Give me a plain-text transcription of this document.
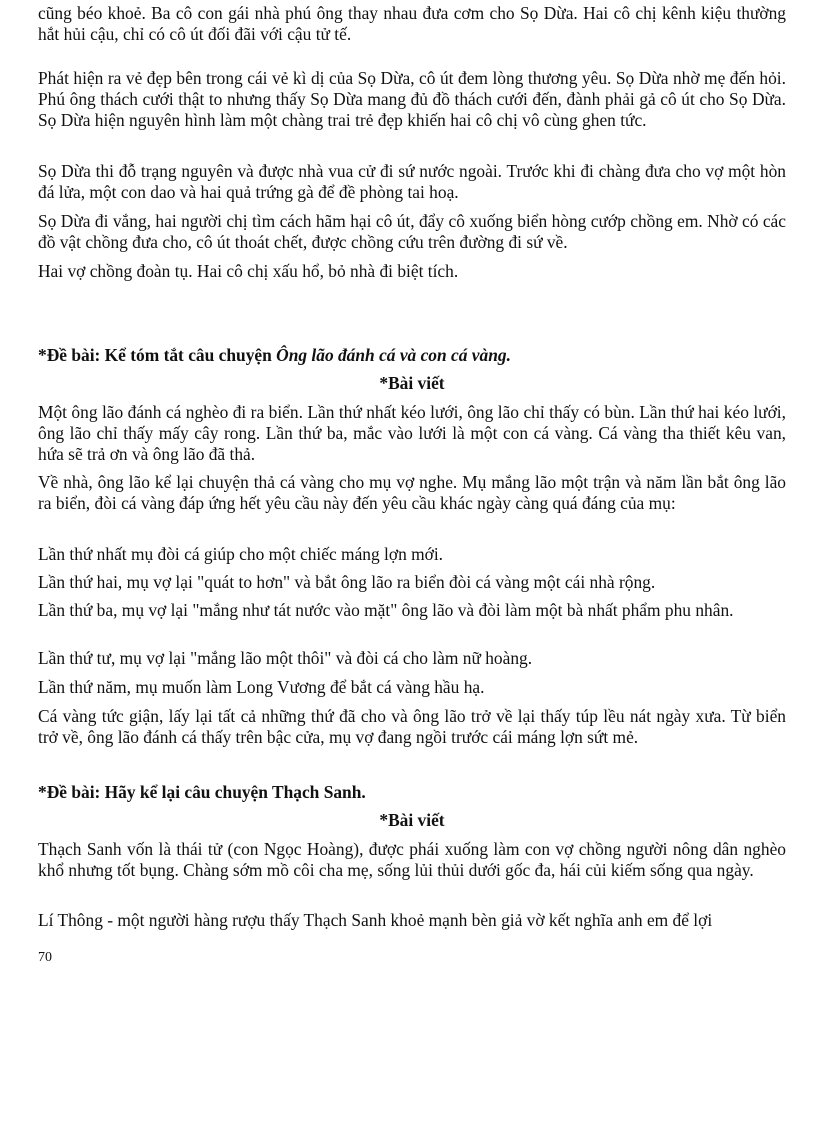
cũng béo khoẻ. Ba cô con gái nhà phú ông thay nhau đưa cơm cho Sọ Dừa. Hai cô chị kênh kiệu thường hắt hủi cậu, chỉ có cô út đối đãi với cậu tử tế.

Phát hiện ra vẻ đẹp bên trong cái vẻ kì dị của Sọ Dừa, cô út đem lòng thương yêu. Sọ Dừa nhờ mẹ đến hỏi. Phú ông thách cưới thật to nhưng thấy Sọ Dừa mang đủ đồ thách cưới đến, đành phải gả cô út cho Sọ Dừa. Sọ Dừa hiện nguyên hình làm một chàng trai trẻ đẹp khiến hai cô chị vô cùng ghen tức.

Sọ Dừa thi đỗ trạng nguyên và được nhà vua cử đi sứ nước ngoài. Trước khi đi chàng đưa cho vợ một hòn đá lửa, một con dao và hai quả trứng gà để đề phòng tai hoạ.

Sọ Dừa đi vắng, hai người chị tìm cách hãm hại cô út, đẩy cô xuống biển hòng cướp chồng em. Nhờ có các đồ vật chồng đưa cho, cô út thoát chết, được chồng cứu trên đường đi sứ về.

Hai vợ chồng đoàn tụ. Hai cô chị xấu hổ, bỏ nhà đi biệt tích.

*Đề bài: Kể tóm tắt câu chuyện Ông lão đánh cá và con cá vàng.

*Bài viết

Một ông lão đánh cá nghèo đi ra biển. Lần thứ nhất kéo lưới, ông lão chỉ thấy có bùn. Lần thứ hai kéo lưới, ông lão chỉ thấy mấy cây rong. Lần thứ ba, mắc vào lưới là một con cá vàng. Cá vàng tha thiết kêu van, hứa sẽ trả ơn và ông lão đã thả.

Về nhà, ông lão kể lại chuyện thả cá vàng cho mụ vợ nghe. Mụ mắng lão một trận và năm lần bắt ông lão ra biển, đòi cá vàng đáp ứng hết yêu cầu này đến yêu cầu khác ngày càng quá đáng của mụ:

Lần thứ nhất mụ đòi cá giúp cho một chiếc máng lợn mới.

Lần thứ hai, mụ vợ lại "quát to hơn" và bắt ông lão ra biển đòi cá vàng một cái nhà rộng.

Lần thứ ba, mụ vợ lại "mắng như tát nước vào mặt" ông lão và đòi làm một bà nhất phẩm phu nhân.

Lần thứ tư, mụ vợ lại "mắng lão một thôi" và đòi cá cho làm nữ hoàng.

Lần thứ năm, mụ muốn làm Long Vương để bắt cá vàng hầu hạ.

Cá vàng tức giận, lấy lại tất cả những thứ đã cho và ông lão trở về lại thấy túp lều nát ngày xưa. Từ biển trở về, ông lão đánh cá thấy trên bậc cửa, mụ vợ đang ngồi trước cái máng lợn sứt mẻ.

*Đề bài: Hãy kể lại câu chuyện Thạch Sanh.

*Bài viết

Thạch Sanh vốn là thái tử (con Ngọc Hoàng), được phái xuống làm con vợ chồng người nông dân nghèo khổ nhưng tốt bụng. Chàng sớm mồ côi cha mẹ, sống lủi thủi dưới gốc đa, hái củi kiếm sống qua ngày.

Lí Thông - một người hàng rượu thấy Thạch Sanh khoẻ mạnh bèn giả vờ kết nghĩa anh em để lợi

70
